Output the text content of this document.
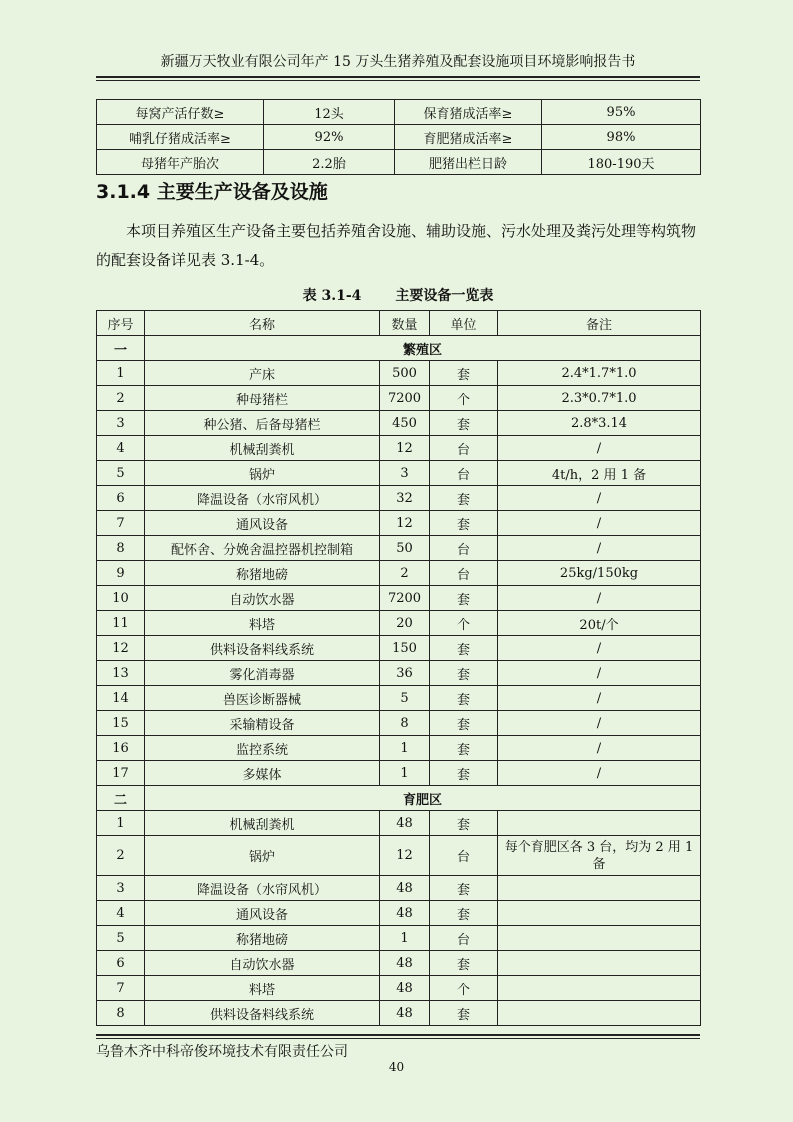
新疆万天牧业有限公司年产 15 万头生猪养殖及配套设施项目环境影响报告书
每窝产活仔数≥	12头	保育猪成活率≥	95%
哺乳仔猪成活率≥	92%	育肥猪成活率≥	98%
母猪年产胎次	2.2胎	肥猪出栏日龄	180-190天
3.1.4 主要生产设备及设施
本项目养殖区生产设备主要包括养殖舍设施、辅助设施、污水处理及粪污处理等构筑物的配套设备详见表 3.1-4。
表 3.1-4 主要设备一览表
序号	名称	数量	单位	备注
一	繁殖区			
1	产床	500	套	2.4*1.7*1.0
2	种母猪栏	7200	个	2.3*0.7*1.0
3	种公猪、后备母猪栏	450	套	2.8*3.14
4	机械刮粪机	12	台	/
5	锅炉	3	台	4t/h，2 用 1 备
6	降温设备（水帘风机）	32	套	/
7	通风设备	12	套	/
8	配怀舍、分娩舍温控器机控制箱	50	台	/
9	称猪地磅	2	台	25kg/150kg
10	自动饮水器	7200	套	/
11	料塔	20	个	20t/个
12	供料设备料线系统	150	套	/
13	雾化消毒器	36	套	/
14	兽医诊断器械	5	套	/
15	采输精设备	8	套	/
16	监控系统	1	套	/
17	多媒体	1	套	/
二	育肥区			
1	机械刮粪机	48	套	
2	锅炉	12	台	每个育肥区各 3 台，均为 2 用 1 备
3	降温设备（水帘风机）	48	套	
4	通风设备	48	套	
5	称猪地磅	1	台	
6	自动饮水器	48	套	
7	料塔	48	个	
8	供料设备料线系统	48	套	
乌鲁木齐中科帝俊环境技术有限责任公司
40
